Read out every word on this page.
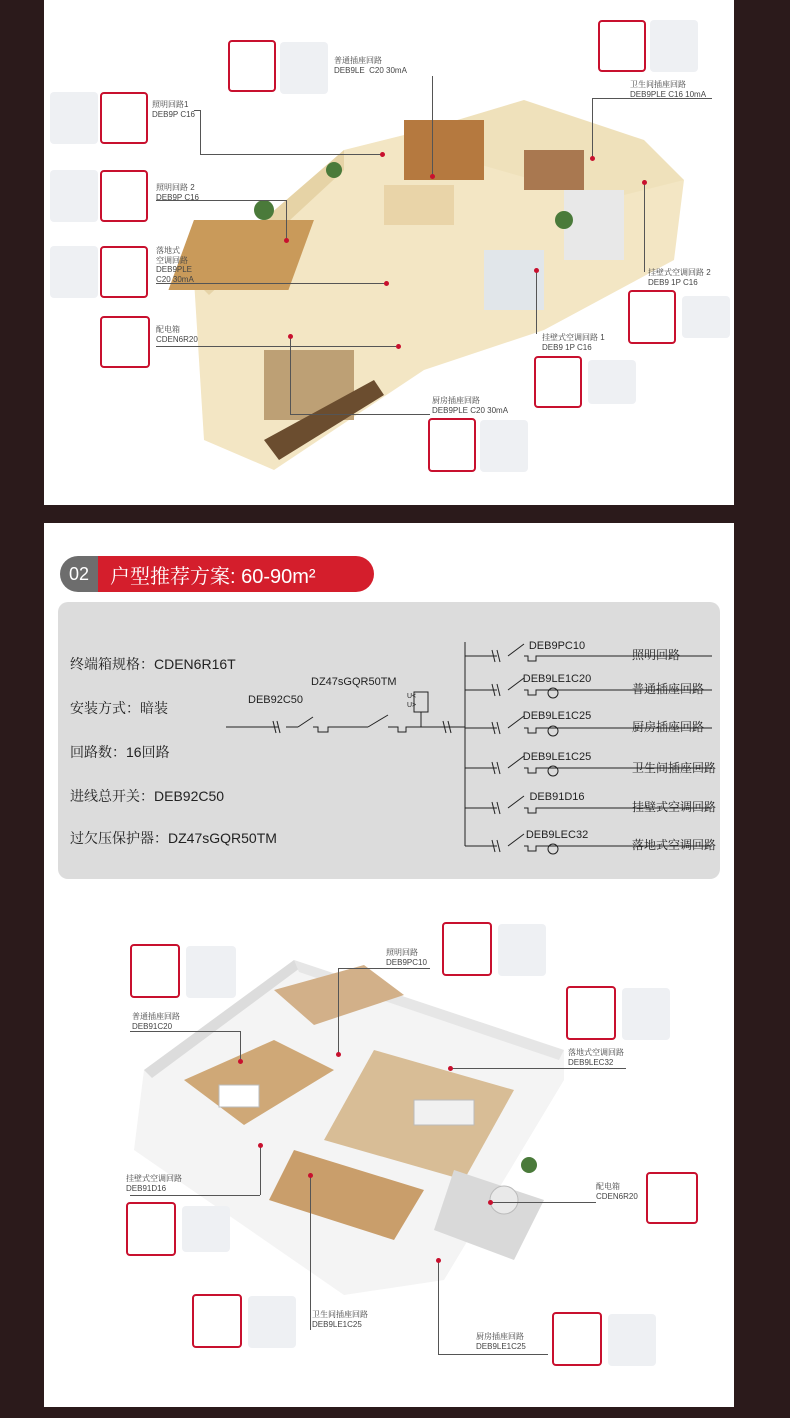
普通插座回路
DEB9LE  C20 30mA
卫生间插座回路
DEB9PLE C16 10mA
照明回路1
DEB9P C16
照明回路 2
DEB9P C16
落地式
空调回路
DEB9PLE
C20 30mA
挂壁式空调回路 2
DEB9 1P C16
配电箱
CDEN6R20	挂壁式空调回路 1
DEB9 1P C16
厨房插座回路
DEB9PLE C20 30mA
02	户型推荐方案: 60-90m²
终端箱规格：CDEN6R16T
安装方式：暗装
回路数：16回路
进线总开关：DEB92C50
过欠压保护器：DZ47sGQR50TM
U<
U>
DEB92C50
DZ47sGQR50TM
DEB9PC10
照明回路
DEB9LE1C20
普通插座回路
DEB9LE1C25
厨房插座回路
DEB9LE1C25
卫生间插座回路
DEB91D16
挂壁式空调回路
DEB9LEC32
落地式空调回路
照明回路
DEB9PC10
普通插座回路
DEB91C20
落地式空调回路
DEB9LEC32
挂壁式空调回路
DEB91D16	配电箱
CDEN6R20
卫生间插座回路
DEB9LE1C25
厨房插座回路
DEB9LE1C25
